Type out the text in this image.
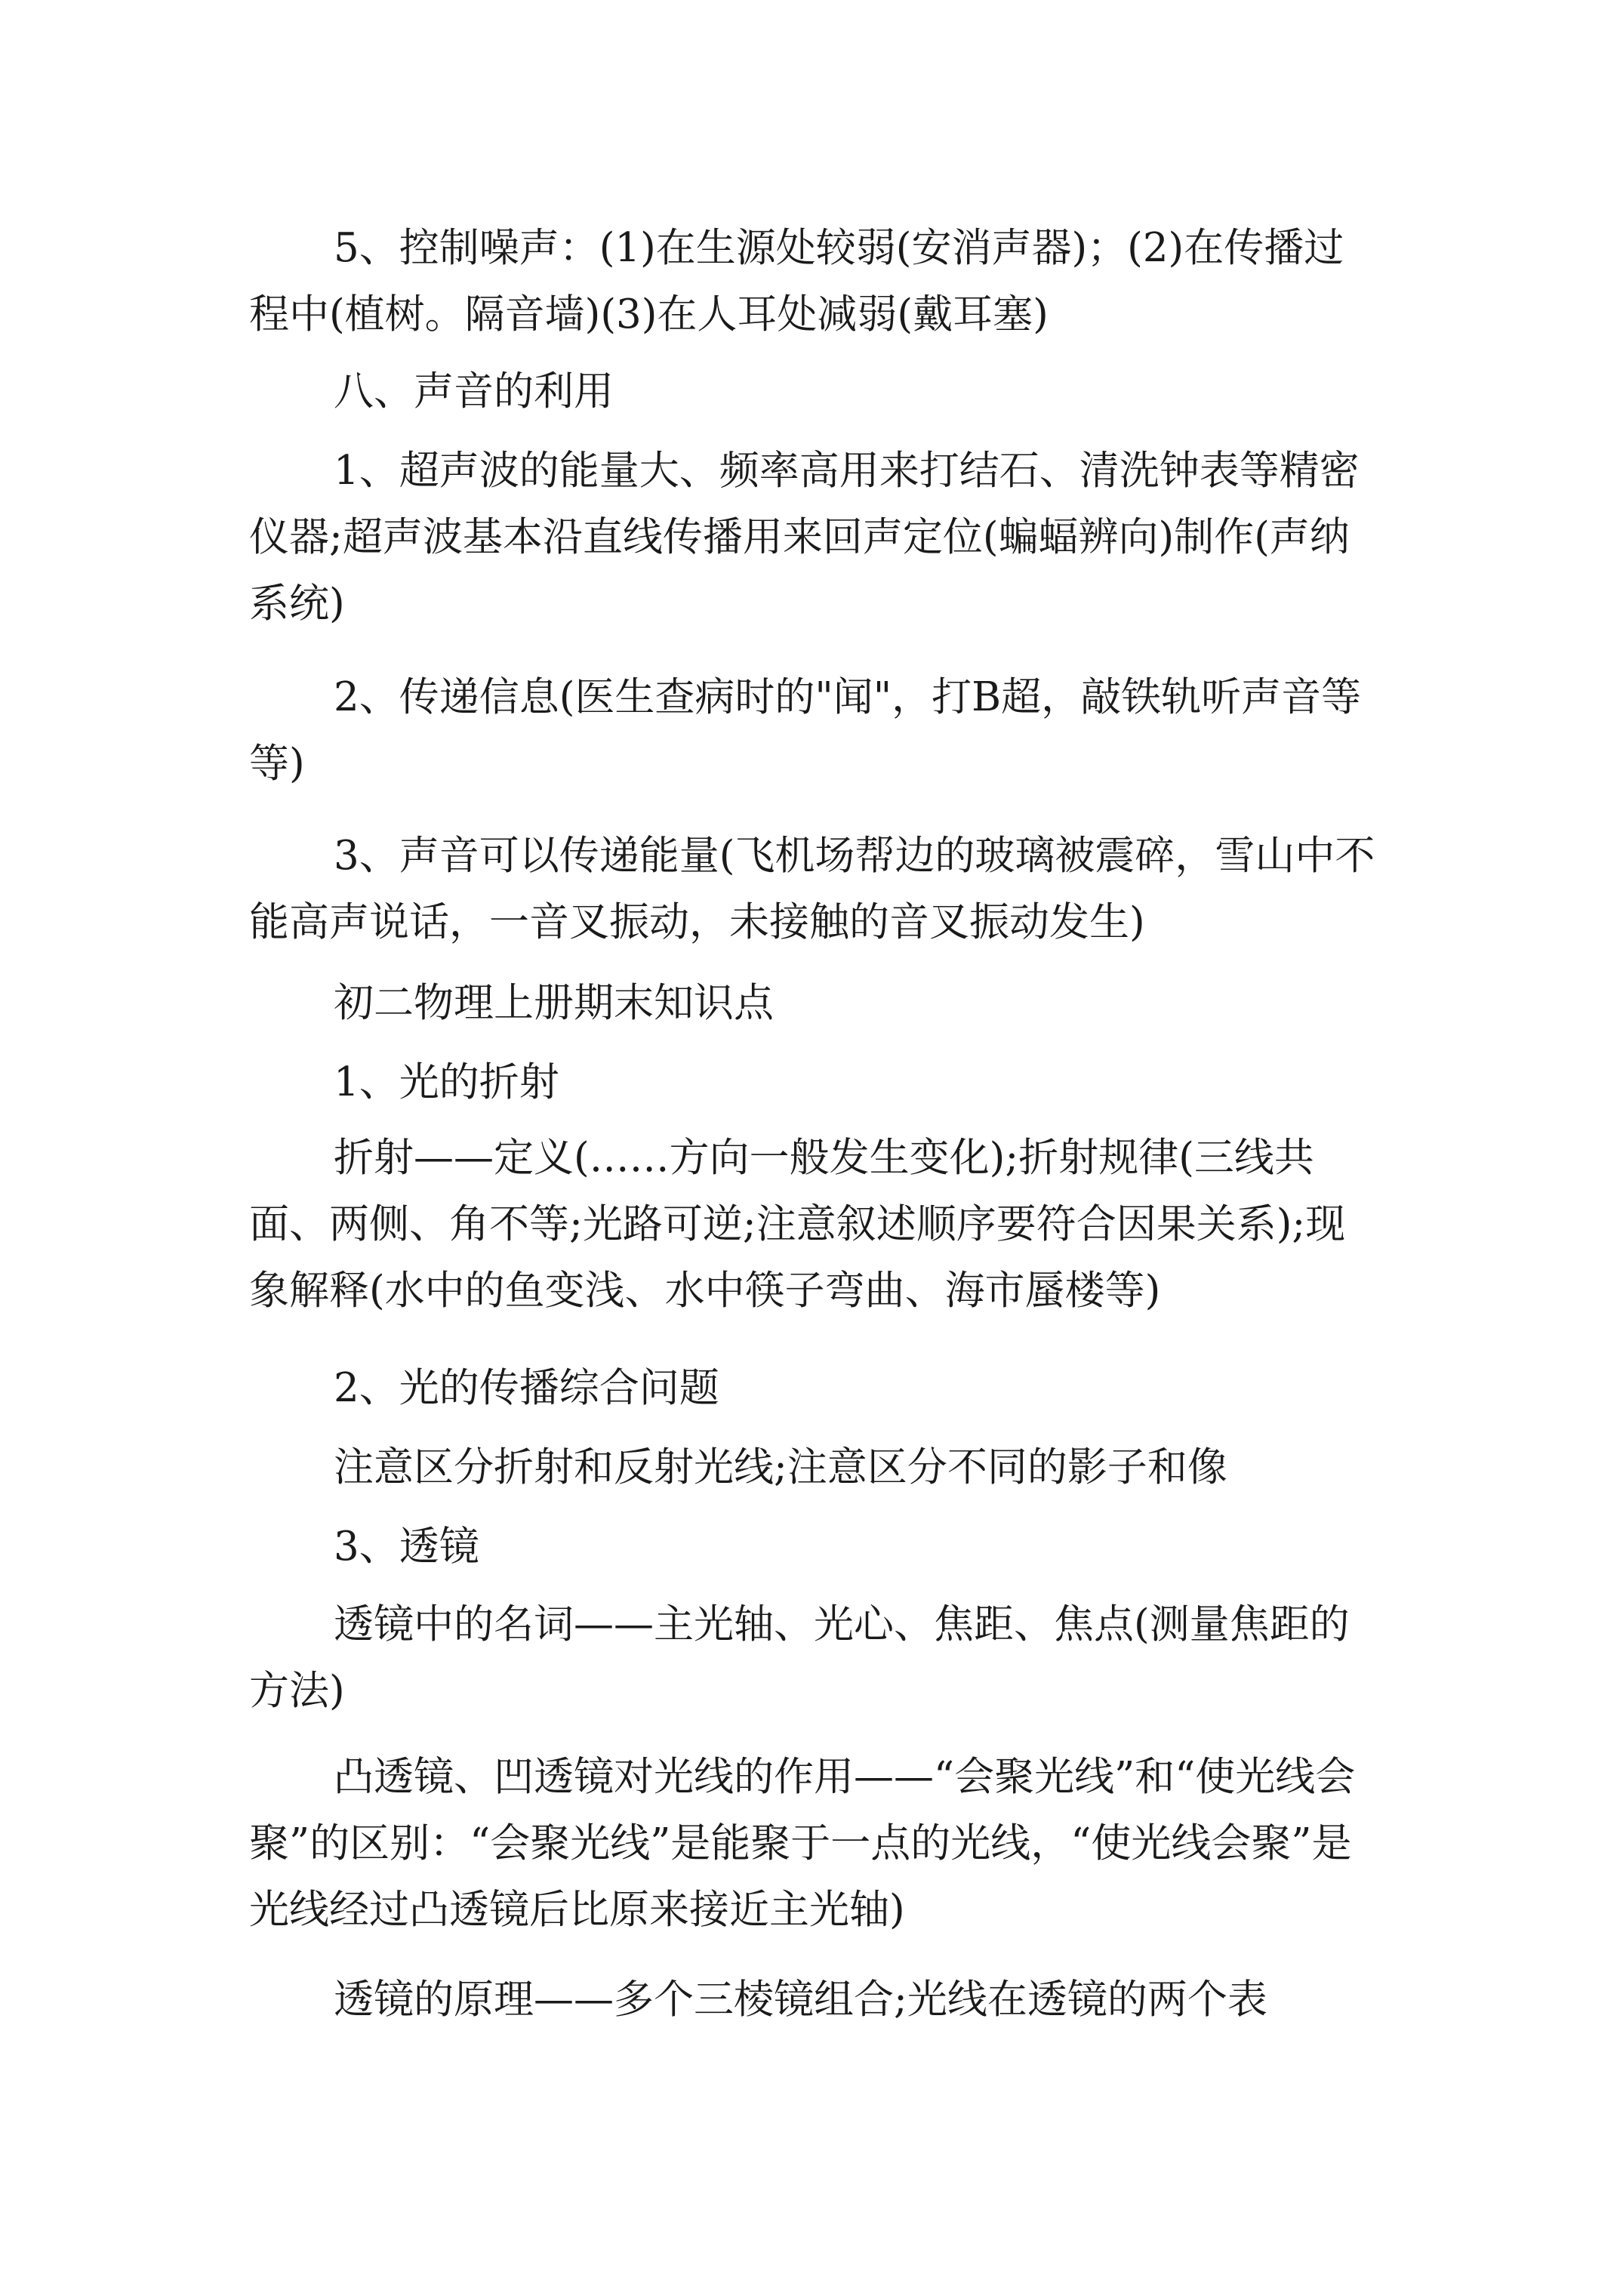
5、控制噪声：(1)在生源处较弱(安消声器)；(2)在传播过程中(植树。隔音墙)(3)在人耳处减弱(戴耳塞)

八、声音的利用

1、超声波的能量大、频率高用来打结石、清洗钟表等精密仪器;超声波基本沿直线传播用来回声定位(蝙蝠辨向)制作(声纳系统)

2、传递信息(医生查病时的"闻"，打B超，敲铁轨听声音等等)

3、声音可以传递能量(飞机场帮边的玻璃被震碎，雪山中不能高声说话，一音叉振动，未接触的音叉振动发生)

初二物理上册期末知识点

1、光的折射

折射——定义(……方向一般发生变化);折射规律(三线共面、两侧、角不等;光路可逆;注意叙述顺序要符合因果关系);现象解释(水中的鱼变浅、水中筷子弯曲、海市蜃楼等)

2、光的传播综合问题

注意区分折射和反射光线;注意区分不同的影子和像

3、透镜

透镜中的名词——主光轴、光心、焦距、焦点(测量焦距的方法)

凸透镜、凹透镜对光线的作用——“会聚光线”和“使光线会聚”的区别：“会聚光线”是能聚于一点的光线，“使光线会聚”是光线经过凸透镜后比原来接近主光轴)

透镜的原理——多个三棱镜组合;光线在透镜的两个表
